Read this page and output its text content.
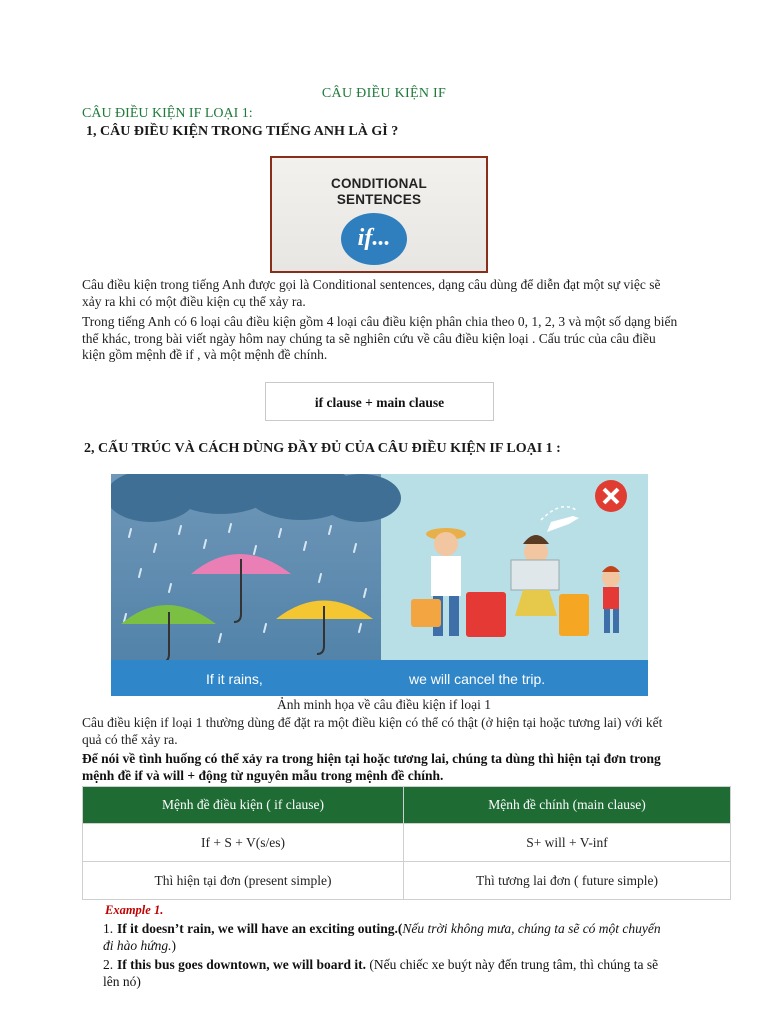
CÂU ĐIỀU KIỆN IF
CÂU ĐIỀU KIỆN IF LOẠI 1:
1, CÂU ĐIỀU KIỆN TRONG TIẾNG ANH LÀ GÌ ?
CONDITIONAL
SENTENCES
if...
Câu điều kiện trong tiếng Anh được gọi là Conditional sentences, dạng câu dùng để diễn đạt một sự việc sẽ xảy ra khi có một điều kiện cụ thể xảy ra.
Trong tiếng Anh có 6 loại câu điều kiện gồm 4 loại câu điều kiện phân chia theo 0, 1, 2, 3 và một số dạng biến thể khác, trong bài viết ngày hôm nay chúng ta sẽ nghiên cứu về câu điều kiện loại . Cấu trúc của câu điều kiện gồm mệnh đề if , và một mệnh đề chính.
if clause + main clause
2, CẤU TRÚC VÀ CÁCH DÙNG ĐẦY ĐỦ CỦA CÂU ĐIỀU KIỆN IF LOẠI 1 :
If it rains,	we will cancel the trip.
Ảnh minh họa về câu điều kiện if loại 1
Câu điều kiện if loại 1 thường dùng để đặt ra một điều kiện có thể có thật (ở hiện tại hoặc tương lai) với kết quả có thể xảy ra.
Để nói về tình huống có thể xảy ra trong hiện tại hoặc tương lai, chúng ta dùng thì hiện tại đơn trong mệnh đề if và will + động từ nguyên mẫu trong mệnh đề chính.
Mệnh đề điều kiện ( if clause)	Mệnh đề chính (main clause)
If + S + V(s/es)	S+ will + V-inf
Thì hiện tại đơn (present simple)	Thì tương lai đơn ( future simple)
Example 1.
1. If it doesn’t rain, we will have an exciting outing.(Nếu trời không mưa, chúng ta sẽ có một chuyến đi hào hứng.)
2. If this bus goes downtown, we will board it. (Nếu chiếc xe buýt này đến trung tâm, thì chúng ta sẽ lên nó)
